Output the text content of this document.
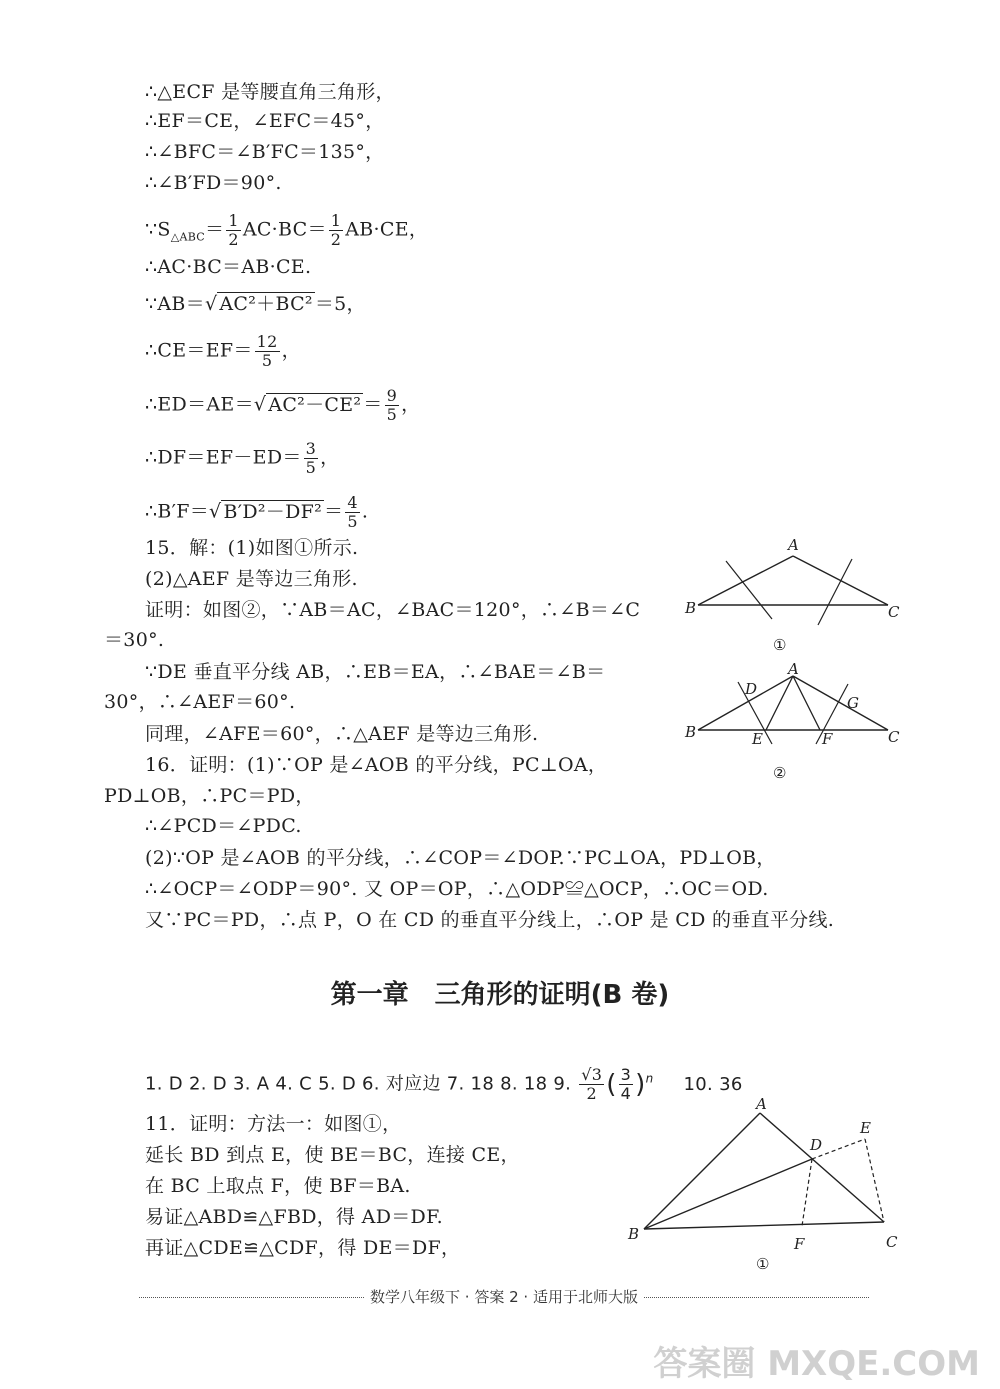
∴△ECF 是等腰直角三角形，
∴EF＝CE，∠EFC＝45°，
∴∠BFC＝∠B′FC＝135°，
∴∠B′FD＝90°.
$\because S_{\triangle ABC}= \frac{1}{2} AC\cdot BC= \frac{1}{2} AB\cdot CE$，
∴AC·BC＝AB·CE.
∵AB＝√ AC²＋BC² ＝5，
∴CE＝EF＝ $\frac{12}{5}$ ，
∴ED＝AE＝√ $AC^2-CE^2 = \frac{9}{5}$ ，
∴DF＝EF－ED＝ $\frac{3}{5}$ ，
∴B′F＝√ $B'D^2-DF^2 = \frac{4}{5}$ .
15．解：(1)如图①所示.
(2)△AEF 是等边三角形.
证明：如图②，∵AB＝AC，∠BAC＝120°，∴∠B＝∠C
＝30°.
∵DE 垂直平分线 AB，∴EB＝EA，∴∠BAE＝∠B＝
30°，∴∠AEF＝60°.
同理，∠AFE＝60°，∴△AEF 是等边三角形.
16．证明：(1)∵OP 是∠AOB 的平分线，PC⊥OA，
PD⊥OB，∴PC＝PD，
∴∠PCD＝∠PDC.
(2)∵OP 是∠AOB 的平分线，∴∠COP＝∠DOP.∵PC⊥OA，PD⊥OB，
∴∠OCP＝∠ODP＝90°. 又 OP＝OP，∴△ODP≌△OCP，∴OC＝OD.
又∵PC＝PD，∴点 P，O 在 CD 的垂直平分线上，∴OP 是 CD 的垂直平分线.
A
B	C
①
A
B	C
D
E	F
G
②
第一章　三角形的证明(B 卷)
1. D 2. D 3. A 4. C 5. D 6. 对应边 7. 18 8. 18 9. $\frac{√3}{2}$ ( $\frac{3}{4} )^n$ 10. 36
11．证明：方法一：如图①，
延长 BD 到点 E，使 BE＝BC，连接 CE，
在 BC 上取点 F，使 BF＝BA.
易证△ABD≌△FBD，得 AD＝DF.
再证△CDE≌△CDF，得 DE＝DF，
A
B	C
D
E
F
①
数学八年级下 · 答案 2 · 适用于北师大版
答案圈 MXQE.COM
